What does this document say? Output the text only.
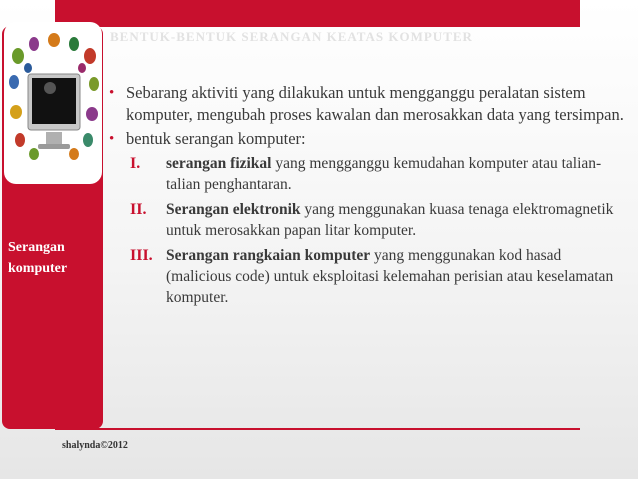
BENTUK-BENTUK SERANGAN KEATAS KOMPUTER
Serangan
komputer
• Sebarang aktiviti yang dilakukan untuk mengganggu peralatan sistem komputer, mengubah proses kawalan dan merosakkan data yang tersimpan.
• bentuk serangan komputer:
I. serangan fizikal yang mengganggu kemudahan komputer atau talian-talian penghantaran.
II. Serangan elektronik yang menggunakan kuasa tenaga elektromagnetik untuk merosakkan papan litar komputer.
III. Serangan rangkaian komputer yang menggunakan kod hasad (malicious code) untuk eksploitasi kelemahan perisian atau keselamatan komputer.
shalynda©2012
